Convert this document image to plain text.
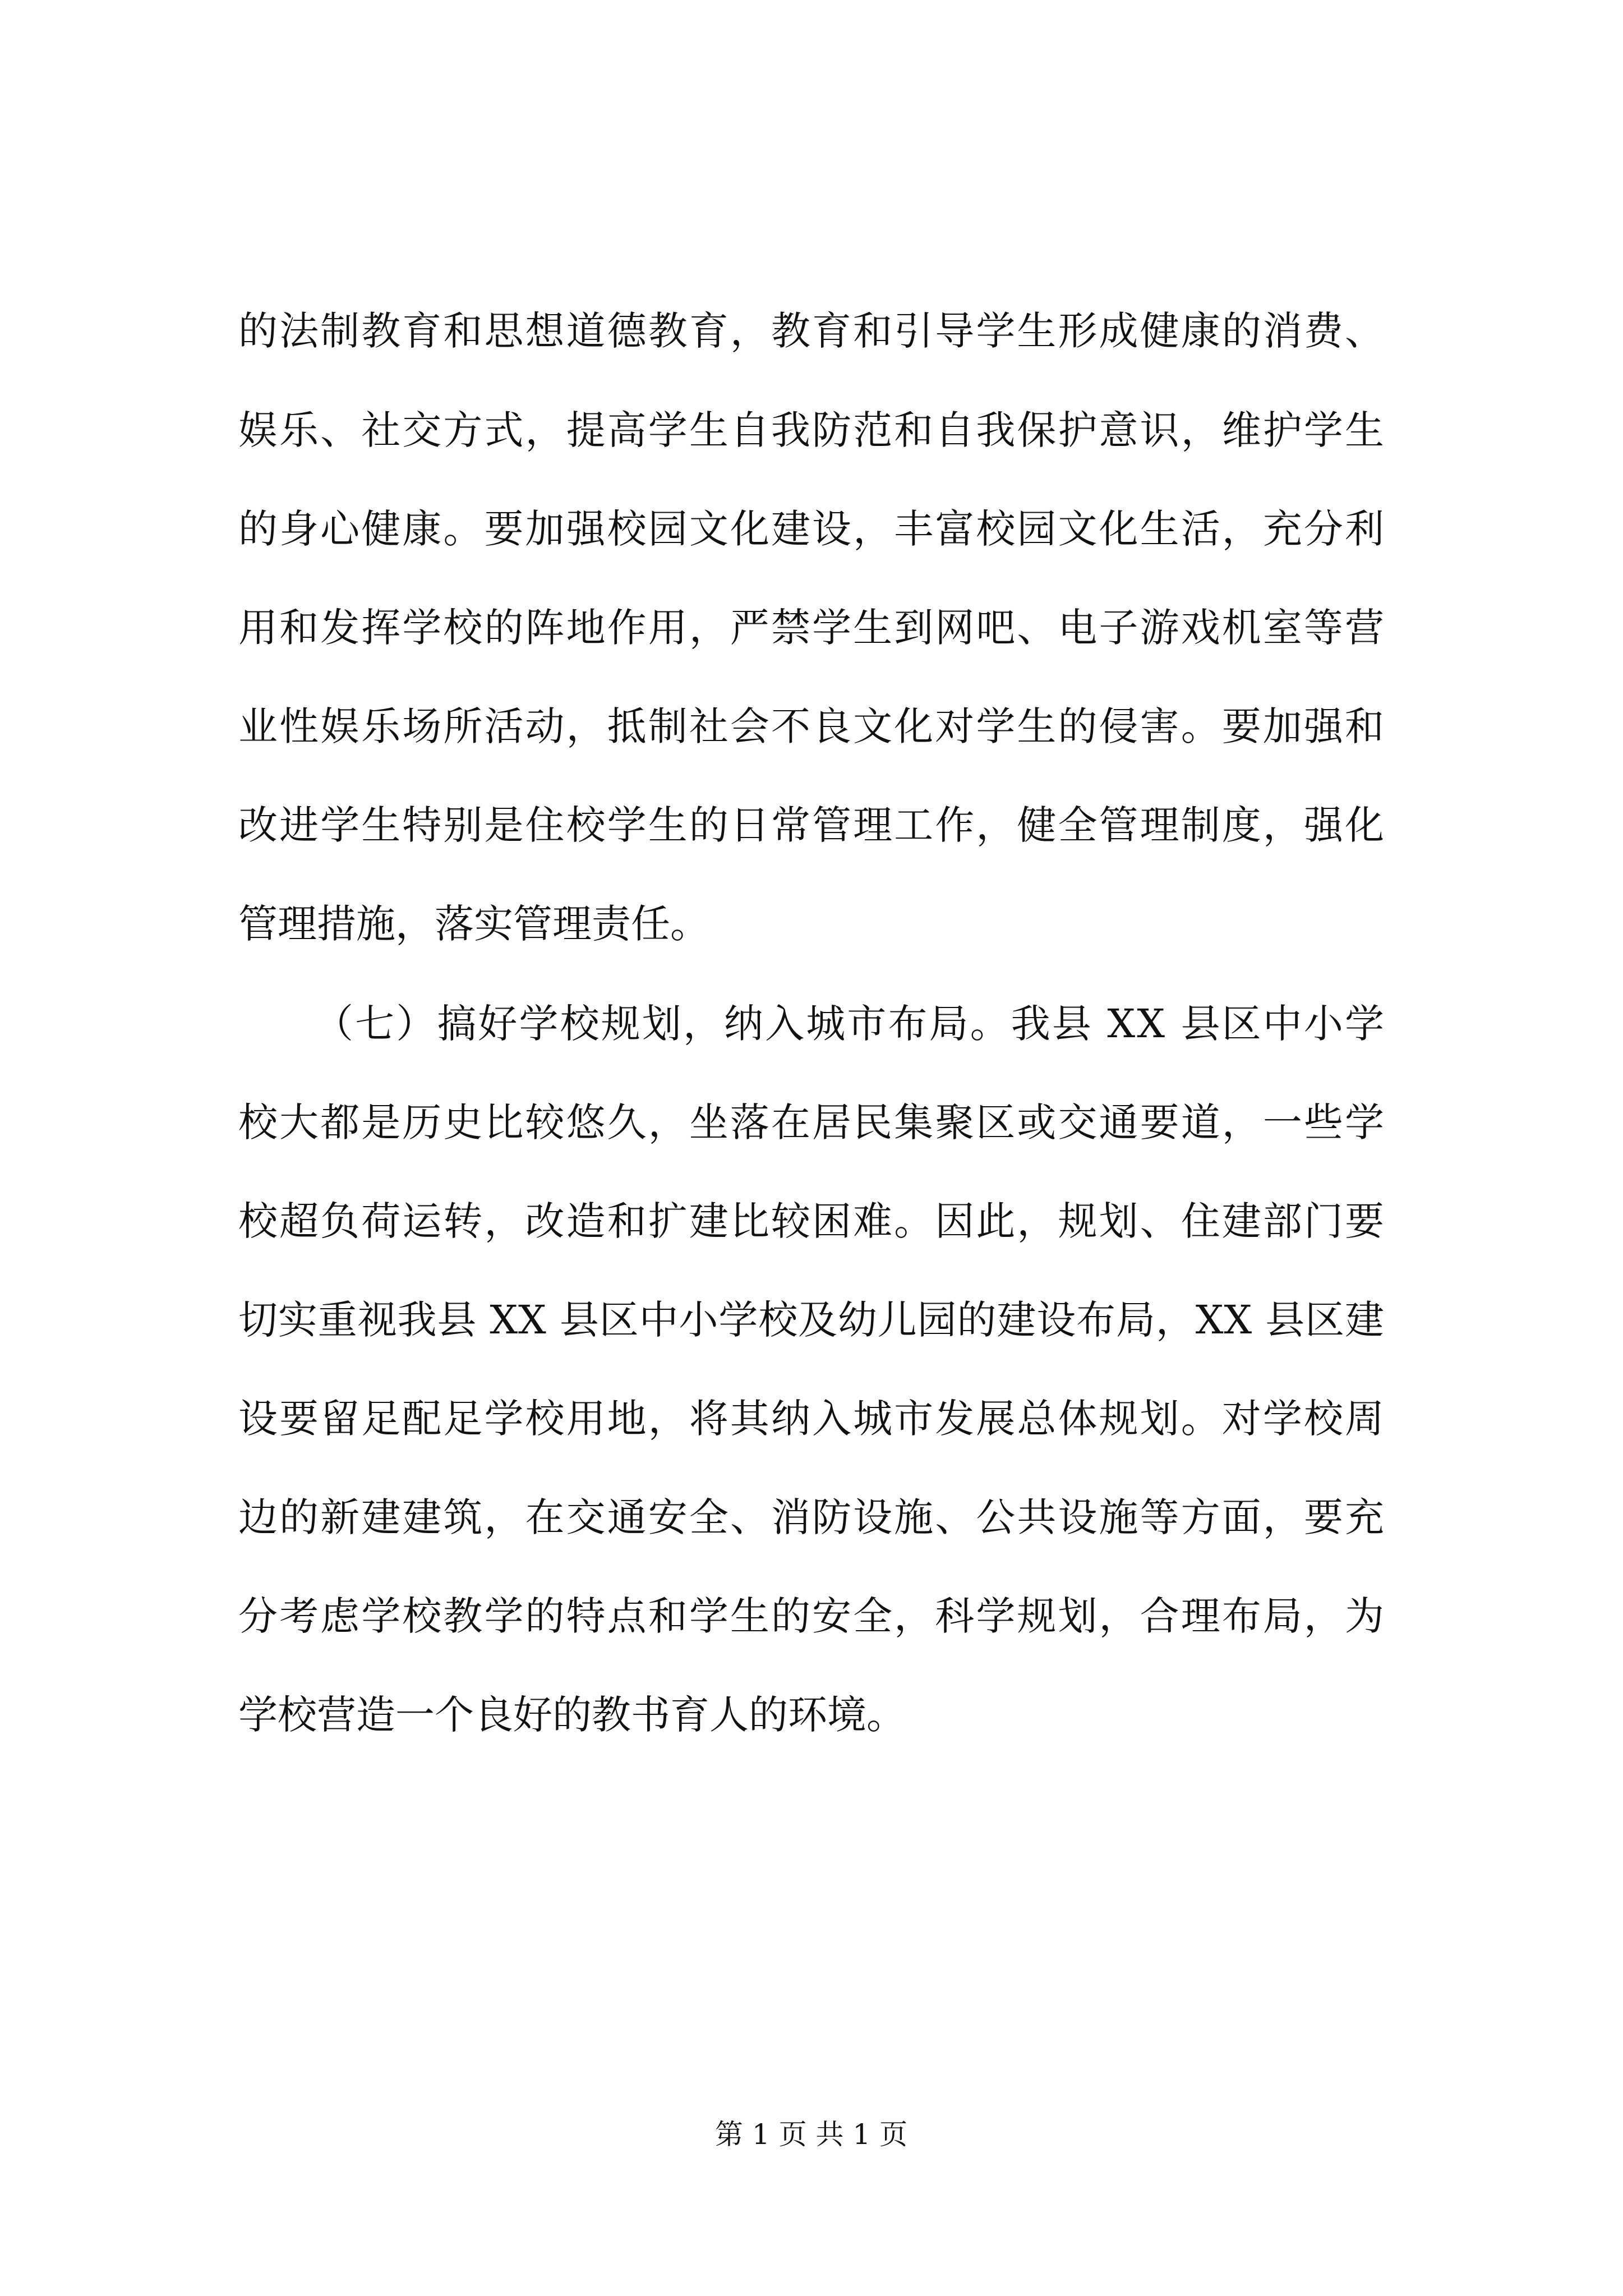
的法制教育和思想道德教育，教育和引导学生形成健康的消费、
娱乐、社交方式，提高学生自我防范和自我保护意识，维护学生
的身心健康。要加强校园文化建设，丰富校园文化生活，充分利
用和发挥学校的阵地作用，严禁学生到网吧、电子游戏机室等营
业性娱乐场所活动，抵制社会不良文化对学生的侵害。要加强和
改进学生特别是住校学生的日常管理工作，健全管理制度，强化
管理措施，落实管理责任。
（七）搞好学校规划，纳入城市布局。我县 XX 县区中小学
校大都是历史比较悠久，坐落在居民集聚区或交通要道，一些学
校超负荷运转，改造和扩建比较困难。因此，规划、住建部门要
切实重视我县 XX 县区中小学校及幼儿园的建设布局，XX 县区建
设要留足配足学校用地，将其纳入城市发展总体规划。对学校周
边的新建建筑，在交通安全、消防设施、公共设施等方面，要充
分考虑学校教学的特点和学生的安全，科学规划，合理布局，为
学校营造一个良好的教书育人的环境。
第 1 页 共 1 页
